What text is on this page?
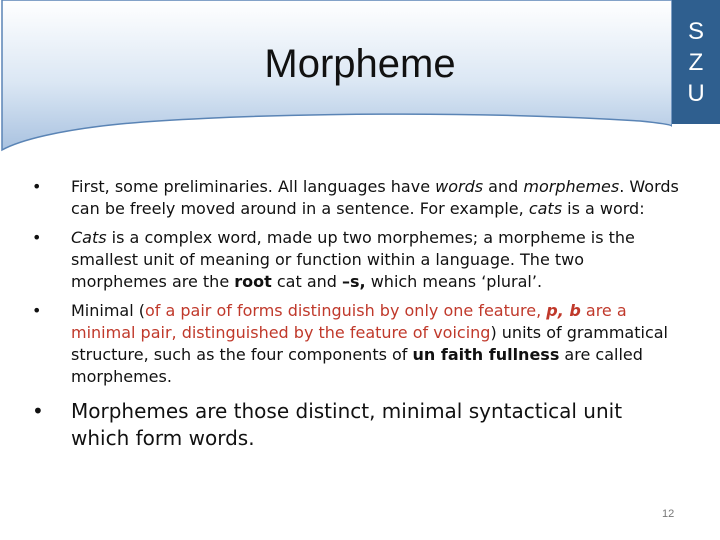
Morpheme
S
Z
U
• First, some preliminaries. All languages have words and morphemes. Words can be freely moved around in a sentence. For example, cats is a word:
• Cats is a complex word, made up two morphemes; a morpheme is the smallest unit of meaning or function within a language. The two morphemes are the root cat and –s, which means ‘plural’.
• Minimal (of a pair of forms distinguish by only one feature, p, b are a minimal pair, distinguished by the feature of voicing) units of grammatical structure, such as the four components of un faith fullness are called morphemes.
• Morphemes are those distinct, minimal syntactical unit which form words.
12
